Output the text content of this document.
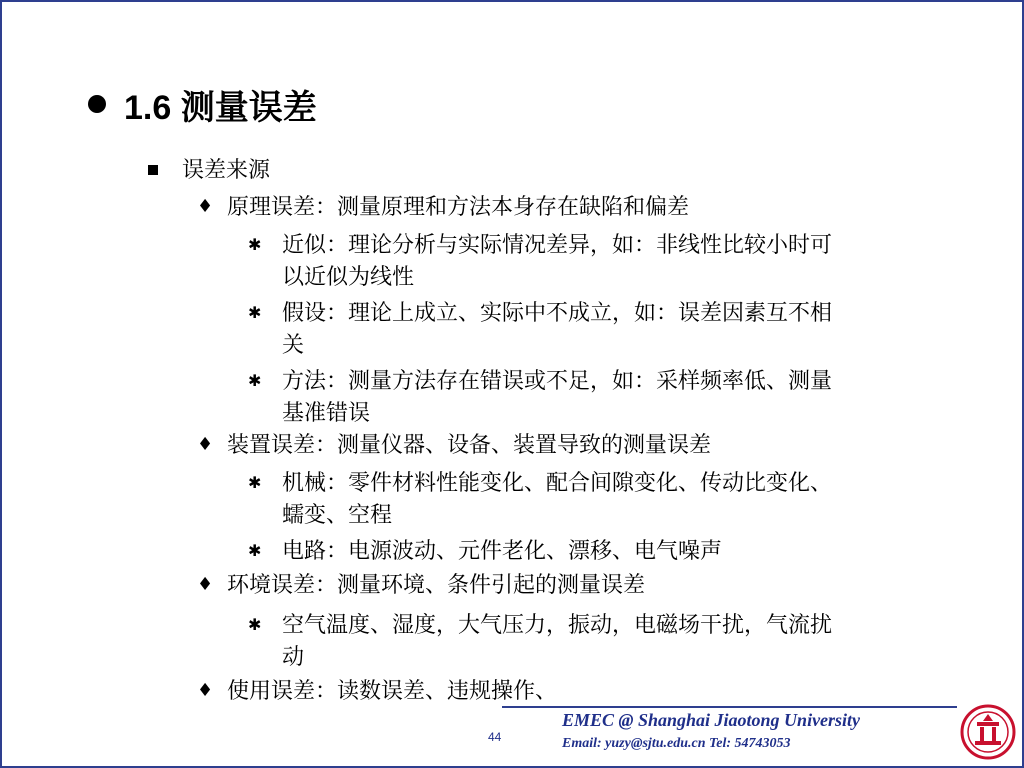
1.6 测量误差
误差来源
♦ 原理误差：测量原理和方法本身存在缺陷和偏差
✱ 近似：理论分析与实际情况差异，如：非线性比较小时可
以近似为线性
✱ 假设：理论上成立、实际中不成立，如：误差因素互不相
关
✱ 方法：测量方法存在错误或不足，如：采样频率低、测量
基准错误
♦ 装置误差：测量仪器、设备、装置导致的测量误差
✱ 机械：零件材料性能变化、配合间隙变化、传动比变化、
蠕变、空程
✱ 电路：电源波动、元件老化、漂移、电气噪声
♦ 环境误差：测量环境、条件引起的测量误差
✱ 空气温度、湿度，大气压力，振动，电磁场干扰，气流扰
动
♦ 使用误差：读数误差、违规操作、
44
EMEC @ Shanghai Jiaotong University
Email: yuzy@sjtu.edu.cn Tel: 54743053
